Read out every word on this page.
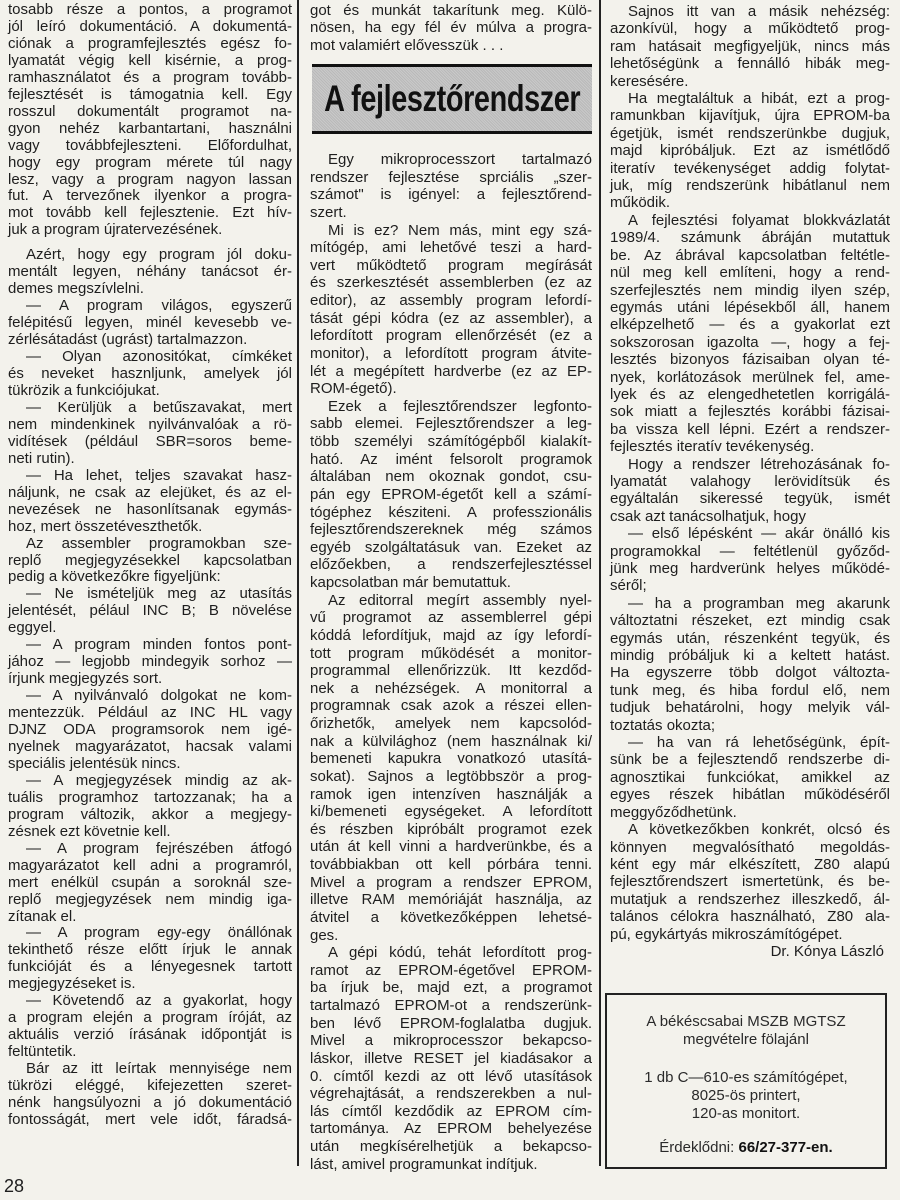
tosabb része a pontos, a programot
jól leíró dokumentáció. A dokumentá-
ciónak a programfejlesztés egész fo-
lyamatát végig kell kisérnie, a prog-
ramhasználatot és a program tovább-
fejlesztését is támogatnia kell. Egy
rosszul dokumentált programot na-
gyon nehéz karbantartani, használni
vagy továbbfejleszteni. Előfordulhat,
hogy egy program mérete túl nagy
lesz, vagy a program nagyon lassan
fut. A tervezőnek ilyenkor a progra-
mot tovább kell fejlesztenie. Ezt hív-
juk a program újratervezésének.
Azért, hogy egy program jól doku-
mentált legyen, néhány tanácsot ér-
demes megszívlelni.
— A program világos, egyszerű
felépitésű legyen, minél kevesebb ve-
zérlésátadást (ugrást) tartalmazzon.
— Olyan azonositókat, címkéket
és neveket hasznljunk, amelyek jól
tükrözik a funkciójukat.
— Kerüljük a betűszavakat, mert
nem mindenkinek nyilvánvalóak a rö-
vidítések (például SBR=soros beme-
neti rutin).
— Ha lehet, teljes szavakat hasz-
náljunk, ne csak az elejüket, és az el-
nevezések ne hasonlítsanak egymás-
hoz, mert összetéveszthetők.
Az assembler programokban sze-
replő megjegyzésekkel kapcsolatban
pedig a következőkre figyeljünk:
— Ne ismételjük meg az utasítás
jelentését, pélául INC B; B növelése
eggyel.
— A program minden fontos pont-
jához — legjobb mindegyik sorhoz —
írjunk megjegyzés sort.
— A nyilvánvaló dolgokat ne kom-
mentezzük. Például az INC HL vagy
DJNZ ODA programsorok nem igé-
nyelnek magyarázatot, hacsak valami
speciális jelentésük nincs.
— A megjegyzések mindig az ak-
tuális programhoz tartozzanak; ha a
program változik, akkor a megjegy-
zésnek ezt követnie kell.
— A program fejrészében átfogó
magyarázatot kell adni a programról,
mert enélkül csupán a soroknál sze-
replő megjegyzések nem mindig iga-
zítanak el.
— A program egy-egy önállónak
tekinthető része előtt írjuk le annak
funkcióját és a lényegesnek tartott
megjegyzéseket is.
— Követendő az a gyakorlat, hogy
a program elején a program íróját, az
aktuális verzió írásának időpontját is
feltüntetik.
Bár az itt leírtak mennyisége nem
tükrözi eléggé, kifejezetten szeret-
nénk hangsúlyozni a jó dokumentáció
fontosságát, mert vele időt, fáradsá-
got és munkát takarítunk meg. Külö-
nösen, ha egy fél év múlva a progra-
mot valamiért elővesszük . . .
A fejlesztőrendszer
Egy mikroprocesszort tartalmazó
rendszer fejlesztése sprciális „szer-
számot" is igényel: a fejlesztőrend-
szert.
Mi is ez? Nem más, mint egy szá-
mítógép, ami lehetővé teszi a hard-
vert működtető program megírását
és szerkesztését assemblerben (ez az
editor), az assembly program lefordí-
tását gépi kódra (ez az assembler), a
lefordított program ellenőrzését (ez a
monitor), a lefordított program átvite-
lét a megépített hardverbe (ez az EP-
ROM-égető).
Ezek a fejlesztőrendszer legfonto-
sabb elemei. Fejlesztőrendszer a leg-
több személyi számítógépből kialakít-
ható. Az imént felsorolt programok
általában nem okoznak gondot, csu-
pán egy EPROM-égetőt kell a számí-
tógéphez késziteni. A professzionális
fejlesztőrendszereknek még számos
egyéb szolgáltatásuk van. Ezeket az
előzőekben, a rendszerfejlesztéssel
kapcsolatban már bemutattuk.
Az editorral megírt assembly nyel-
vű programot az assemblerrel gépi
kóddá lefordítjuk, majd az így lefordí-
tott program működését a monitor-
programmal ellenőrizzük. Itt kezdőd-
nek a nehézségek. A monitorral a
programnak csak azok a részei ellen-
őrizhetők, amelyek nem kapcsolód-
nak a külvilághoz (nem használnak ki/
bemeneti kapukra vonatkozó utasítá-
sokat). Sajnos a legtöbbször a prog-
ramok igen intenzíven használják a
ki/bemeneti egységeket. A lefordított
és részben kipróbált programot ezek
után át kell vinni a hardverünkbe, és a
továbbiakban ott kell pórbára tenni.
Mivel a program a rendszer EPROM,
illetve RAM memóriáját használja, az
átvitel a következőképpen lehetsé-
ges.
A gépi kódú, tehát lefordított prog-
ramot az EPROM-égetővel EPROM-
ba írjuk be, majd ezt, a programot
tartalmazó EPROM-ot a rendszerünk-
ben lévő EPROM-foglalatba dugjuk.
Mivel a mikroprocesszor bekapcso-
láskor, illetve RESET jel kiadásakor a
0. címtől kezdi az ott lévő utasítások
végrehajtását, a rendszerekben a nul-
lás címtől kezdődik az EPROM cím-
tartománya. Az EPROM behelyezése
után megkísérelhetjük a bekapcso-
lást, amivel programunkat indítjuk.
Sajnos itt van a másik nehézség:
azonkívül, hogy a működtető prog-
ram hatásait megfigyeljük, nincs más
lehetőségünk a fennálló hibák meg-
keresésére.
Ha megtaláltuk a hibát, ezt a prog-
ramunkban kijavítjuk, újra EPROM-ba
égetjük, ismét rendszerünkbe dugjuk,
majd kipróbáljuk. Ezt az ismétlődő
iteratív tevékenységet addig folytat-
juk, míg rendszerünk hibátlanul nem
működik.
A fejlesztési folyamat blokkvázlatát
1989/4. számunk ábráján mutattuk
be. Az ábrával kapcsolatban feltétle-
nül meg kell említeni, hogy a rend-
szerfejlesztés nem mindig ilyen szép,
egymás utáni lépésekből áll, hanem
elképzelhető — és a gyakorlat ezt
sokszorosan igazolta —, hogy a fej-
lesztés bizonyos fázisaiban olyan té-
nyek, korlátozások merülnek fel, ame-
lyek és az elengedhetetlen korrigálá-
sok miatt a fejlesztés korábbi fázisai-
ba vissza kell lépni. Ezért a rendszer-
fejlesztés iteratív tevékenység.
Hogy a rendszer létrehozásának fo-
lyamatát valahogy lerövidítsük és
egyáltalán sikeressé tegyük, ismét
csak azt tanácsolhatjuk, hogy
— első lépésként — akár önálló kis
programokkal — feltétlenül győződ-
jünk meg hardverünk helyes működé-
séről;
— ha a programban meg akarunk
változtatni részeket, ezt mindig csak
egymás után, részenként tegyük, és
mindig próbáljuk ki a keltett hatást.
Ha egyszerre több dolgot változta-
tunk meg, és hiba fordul elő, nem
tudjuk behatárolni, hogy melyik vál-
toztatás okozta;
— ha van rá lehetőségünk, épít-
sünk be a fejlesztendő rendszerbe di-
agnosztikai funkciókat, amikkel az
egyes részek hibátlan működéséről
meggyőződhetünk.
A következőkben konkrét, olcsó és
könnyen megvalósítható megoldás-
ként egy már elkészített, Z80 alapú
fejlesztőrendszert ismertetünk, és be-
mutatjuk a rendszerhez illeszkedő, ál-
talános célokra használható, Z80 ala-
pú, egykártyás mikroszámítógépet.
Dr. Kónya László
A békéscsabai MSZB MGTSZ
megvételre fölajánl
1 db C—610-es számítógépet,
8025-ös printert,
120-as monitort.
Érdeklődni: 66/27-377-en.
28
